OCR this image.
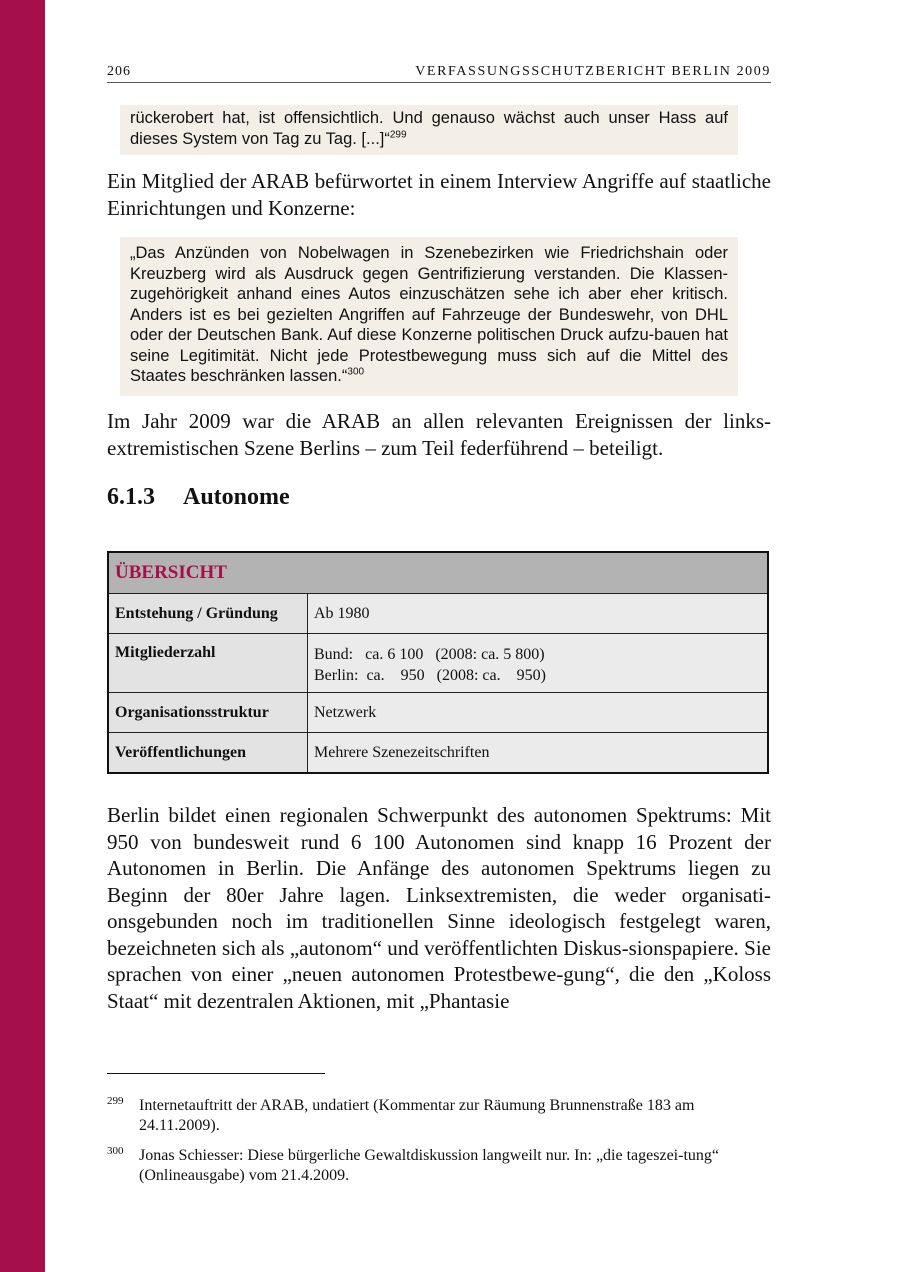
206	VERFASSUNGSSCHUTZBERICHT BERLIN 2009

rückerobert hat, ist offensichtlich. Und genauso wächst auch unser Hass auf dieses System von Tag zu Tag. [...]“$^{299}$

Ein Mitglied der ARAB befürwortet in einem Interview Angriffe auf staatliche Einrichtungen und Konzerne:

„Das Anzünden von Nobelwagen in Szenebezirken wie Friedrichshain oder Kreuzberg wird als Ausdruck gegen Gentrifizierung verstanden. Die Klassen-zugehörigkeit anhand eines Autos einzuschätzen sehe ich aber eher kritisch. Anders ist es bei gezielten Angriffen auf Fahrzeuge der Bundeswehr, von DHL oder der Deutschen Bank. Auf diese Konzerne politischen Druck aufzu-bauen hat seine Legitimität. Nicht jede Protestbewegung muss sich auf die Mittel des Staates beschränken lassen.“$^{300}$

Im Jahr 2009 war die ARAB an allen relevanten Ereignissen der links-extremistischen Szene Berlins – zum Teil federführend – beteiligt.

6.1.3 Autonome
ÜBERSICHT	
Entstehung / Gründung	Ab 1980
Mitgliederzahl	Bund:   ca. 6 100   (2008: ca. 5 800)
Berlin:  ca.    950   (2008: ca.    950)

Organisationsstruktur	Netzwerk
Veröffentlichungen	Mehrere Szenezeitschriften

Berlin bildet einen regionalen Schwerpunkt des autonomen Spektrums: Mit 950 von bundesweit rund 6 100 Autonomen sind knapp 16 Prozent der Autonomen in Berlin. Die Anfänge des autonomen Spektrums liegen zu Beginn der 80er Jahre lagen. Linksextremisten, die weder organisati-onsgebunden noch im traditionellen Sinne ideologisch festgelegt waren, bezeichneten sich als „autonom“ und veröffentlichten Diskus-sionspapiere. Sie sprachen von einer „neuen autonomen Protestbewe-gung“, die den „Koloss Staat“ mit dezentralen Aktionen, mit „Phantasie

299 Internetauftritt der ARAB, undatiert (Kommentar zur Räumung Brunnenstraße 183 am 24.11.2009).
300 Jonas Schiesser: Diese bürgerliche Gewaltdiskussion langweilt nur. In: „die tageszei-tung“ (Onlineausgabe) vom 21.4.2009.
